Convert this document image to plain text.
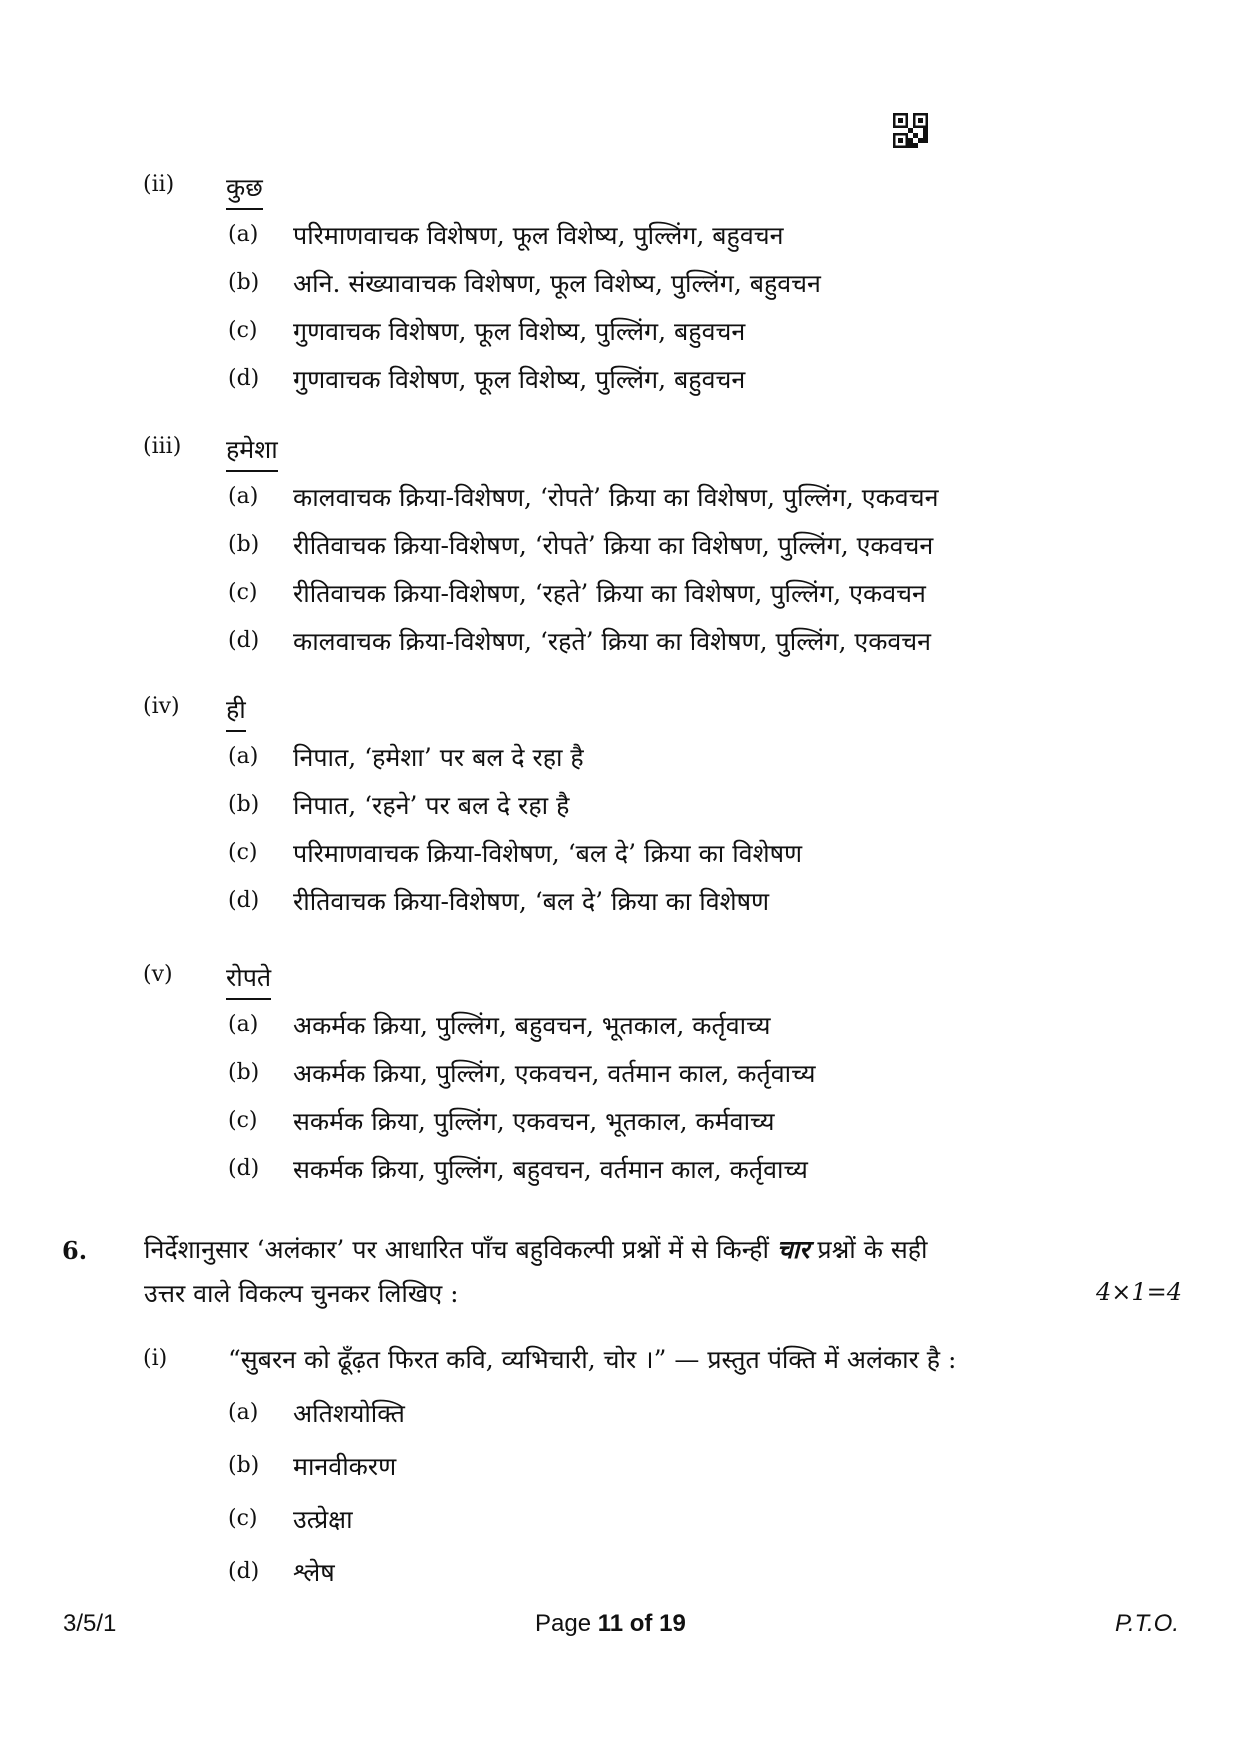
(ii) कुछ
(a) परिमाणवाचक विशेषण, फूल विशेष्य, पुल्लिंग, बहुवचन
(b) अनि. संख्यावाचक विशेषण, फूल विशेष्य, पुल्लिंग, बहुवचन
(c) गुणवाचक विशेषण, फूल विशेष्य, पुल्लिंग, बहुवचन
(d) गुणवाचक विशेषण, फूल विशेष्य, पुल्लिंग, बहुवचन
(iii) हमेशा
(a) कालवाचक क्रिया-विशेषण, ‘रोपते’ क्रिया का विशेषण, पुल्लिंग, एकवचन
(b) रीतिवाचक क्रिया-विशेषण, ‘रोपते’ क्रिया का विशेषण, पुल्लिंग, एकवचन
(c) रीतिवाचक क्रिया-विशेषण, ‘रहते’ क्रिया का विशेषण, पुल्लिंग, एकवचन
(d) कालवाचक क्रिया-विशेषण, ‘रहते’ क्रिया का विशेषण, पुल्लिंग, एकवचन
(iv) ही
(a) निपात, ‘हमेशा’ पर बल दे रहा है
(b) निपात, ‘रहने’ पर बल दे रहा है
(c) परिमाणवाचक क्रिया-विशेषण, ‘बल दे’ क्रिया का विशेषण
(d) रीतिवाचक क्रिया-विशेषण, ‘बल दे’ क्रिया का विशेषण
(v) रोपते
(a) अकर्मक क्रिया, पुल्लिंग, बहुवचन, भूतकाल, कर्तृवाच्य
(b) अकर्मक क्रिया, पुल्लिंग, एकवचन, वर्तमान काल, कर्तृवाच्य
(c) सकर्मक क्रिया, पुल्लिंग, एकवचन, भूतकाल, कर्मवाच्य
(d) सकर्मक क्रिया, पुल्लिंग, बहुवचन, वर्तमान काल, कर्तृवाच्य
6. निर्देशानुसार ‘अलंकार’ पर आधारित पाँच बहुविकल्पी प्रश्नों में से किन्हीं चार प्रश्नों के सही
उत्तर वाले विकल्प चुनकर लिखिए :	4×1=4
(i) “सुबरन को ढूँढ़त फिरत कवि, व्यभिचारी, चोर ।” — प्रस्तुत पंक्ति में अलंकार है :
(a) अतिशयोक्ति
(b) मानवीकरण
(c) उत्प्रेक्षा
(d) श्लेष
3/5/1	Page 11 of 19	P.T.O.
